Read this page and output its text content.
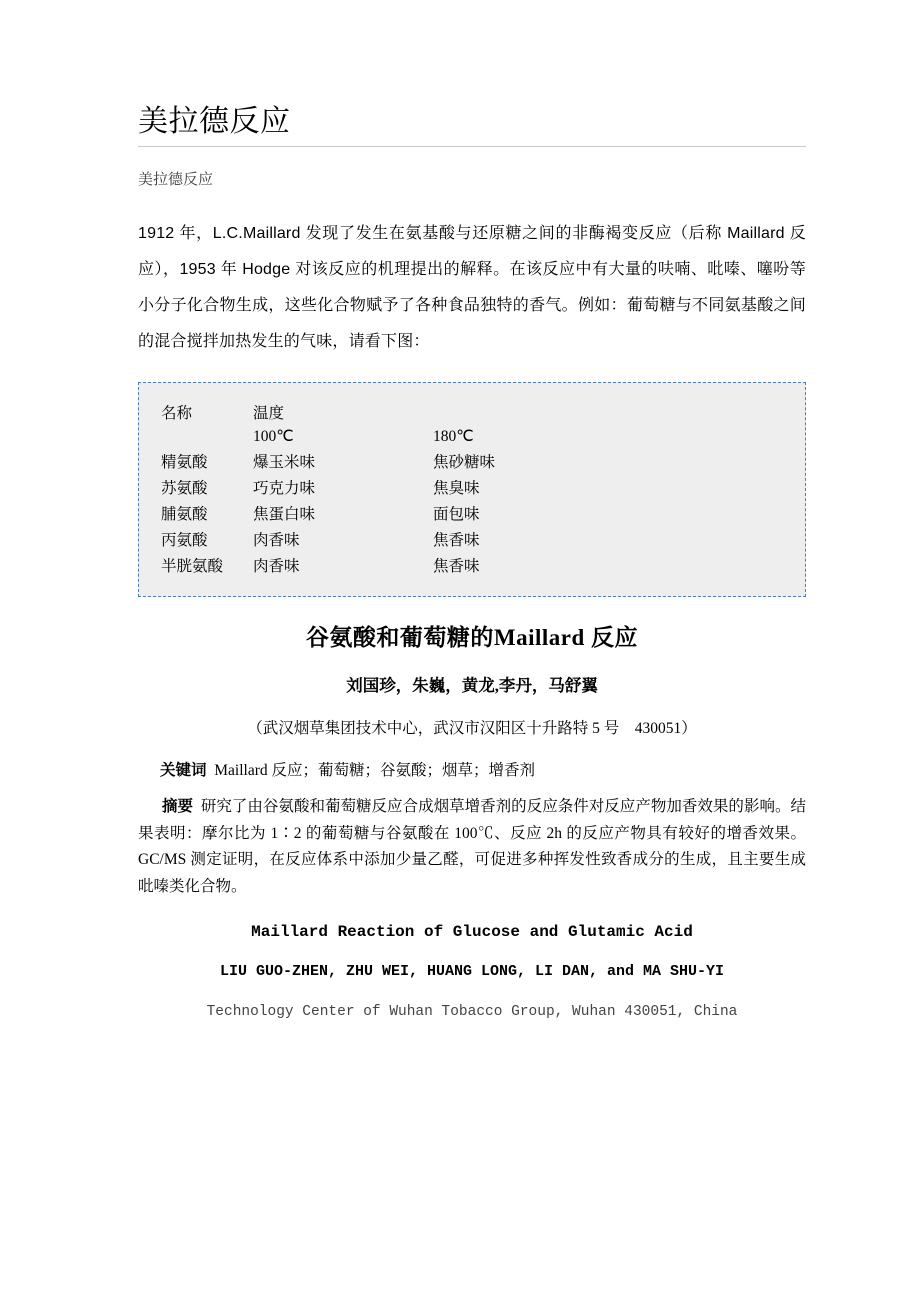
美拉德反应

美拉德反应

1912 年，L.C.Maillard 发现了发生在氨基酸与还原糖之间的非酶褐变反应（后称 Maillard 反应），1953 年 Hodge 对该反应的机理提出的解释。在该反应中有大量的呋喃、吡嗪、噻吩等小分子化合物生成，这些化合物赋予了各种食品独特的香气。例如：葡萄糖与不同氨基酸之间的混合搅拌加热发生的气味，请看下图：

名称	温度	
	100℃	180℃
精氨酸	爆玉米味	焦砂糖味
苏氨酸	巧克力味	焦臭味
脯氨酸	焦蛋白味	面包味
丙氨酸	肉香味	焦香味
半胱氨酸	肉香味	焦香味
谷氨酸和葡萄糖的Maillard 反应

刘国珍，朱巍，黄龙,李丹，马舒翼

（武汉烟草集团技术中心，武汉市汉阳区十升路特 5 号　430051）

关键词 Maillard 反应；葡萄糖；谷氨酸；烟草；增香剂

摘要 研究了由谷氨酸和葡萄糖反应合成烟草增香剂的反应条件对反应产物加香效果的影响。结果表明：摩尔比为 1∶2 的葡萄糖与谷氨酸在 100℃、反应 2h 的反应产物具有较好的增香效果。GC/MS 测定证明，在反应体系中添加少量乙醛，可促进多种挥发性致香成分的生成，且主要生成吡嗪类化合物。

Maillard Reaction of Glucose and Glutamic Acid

LIU GUO-ZHEN, ZHU WEI, HUANG LONG, LI DAN, and MA SHU-YI

Technology Center of Wuhan Tobacco Group, Wuhan 430051, China
